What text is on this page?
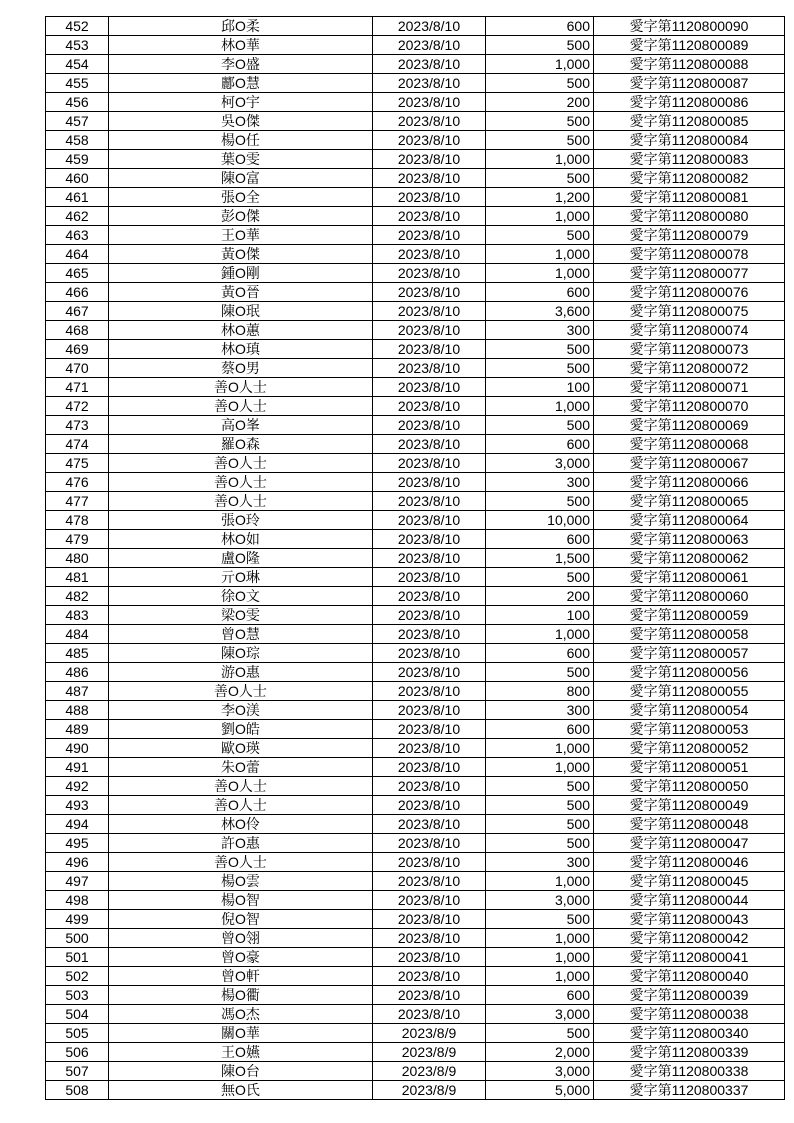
452	邱O柔	2023/8/10	600	愛字第1120800090
453	林O華	2023/8/10	500	愛字第1120800089
454	李O盛	2023/8/10	1,000	愛字第1120800088
455	酈O慧	2023/8/10	500	愛字第1120800087
456	柯O宇	2023/8/10	200	愛字第1120800086
457	吳O傑	2023/8/10	500	愛字第1120800085
458	楊O任	2023/8/10	500	愛字第1120800084
459	葉O雯	2023/8/10	1,000	愛字第1120800083
460	陳O富	2023/8/10	500	愛字第1120800082
461	張O全	2023/8/10	1,200	愛字第1120800081
462	彭O傑	2023/8/10	1,000	愛字第1120800080
463	王O華	2023/8/10	500	愛字第1120800079
464	黃O傑	2023/8/10	1,000	愛字第1120800078
465	鍾O剛	2023/8/10	1,000	愛字第1120800077
466	黃O晉	2023/8/10	600	愛字第1120800076
467	陳O珉	2023/8/10	3,600	愛字第1120800075
468	林O蕙	2023/8/10	300	愛字第1120800074
469	林O瑱	2023/8/10	500	愛字第1120800073
470	蔡O男	2023/8/10	500	愛字第1120800072
471	善O人士	2023/8/10	100	愛字第1120800071
472	善O人士	2023/8/10	1,000	愛字第1120800070
473	高O峯	2023/8/10	500	愛字第1120800069
474	羅O森	2023/8/10	600	愛字第1120800068
475	善O人士	2023/8/10	3,000	愛字第1120800067
476	善O人士	2023/8/10	300	愛字第1120800066
477	善O人士	2023/8/10	500	愛字第1120800065
478	張O玲	2023/8/10	10,000	愛字第1120800064
479	林O如	2023/8/10	600	愛字第1120800063
480	盧O隆	2023/8/10	1,500	愛字第1120800062
481	亓O琳	2023/8/10	500	愛字第1120800061
482	徐O文	2023/8/10	200	愛字第1120800060
483	梁O雯	2023/8/10	100	愛字第1120800059
484	曾O慧	2023/8/10	1,000	愛字第1120800058
485	陳O琮	2023/8/10	600	愛字第1120800057
486	游O惠	2023/8/10	500	愛字第1120800056
487	善O人士	2023/8/10	800	愛字第1120800055
488	李O渼	2023/8/10	300	愛字第1120800054
489	劉O皓	2023/8/10	600	愛字第1120800053
490	歐O瑛	2023/8/10	1,000	愛字第1120800052
491	朱O蕾	2023/8/10	1,000	愛字第1120800051
492	善O人士	2023/8/10	500	愛字第1120800050
493	善O人士	2023/8/10	500	愛字第1120800049
494	林O伶	2023/8/10	500	愛字第1120800048
495	許O惠	2023/8/10	500	愛字第1120800047
496	善O人士	2023/8/10	300	愛字第1120800046
497	楊O雲	2023/8/10	1,000	愛字第1120800045
498	楊O智	2023/8/10	3,000	愛字第1120800044
499	倪O智	2023/8/10	500	愛字第1120800043
500	曾O翎	2023/8/10	1,000	愛字第1120800042
501	曾O豪	2023/8/10	1,000	愛字第1120800041
502	曾O軒	2023/8/10	1,000	愛字第1120800040
503	楊O衢	2023/8/10	600	愛字第1120800039
504	馮O杰	2023/8/10	3,000	愛字第1120800038
505	關O華	2023/8/9	500	愛字第1120800340
506	王O嬿	2023/8/9	2,000	愛字第1120800339
507	陳O台	2023/8/9	3,000	愛字第1120800338
508	無O氏	2023/8/9	5,000	愛字第1120800337
